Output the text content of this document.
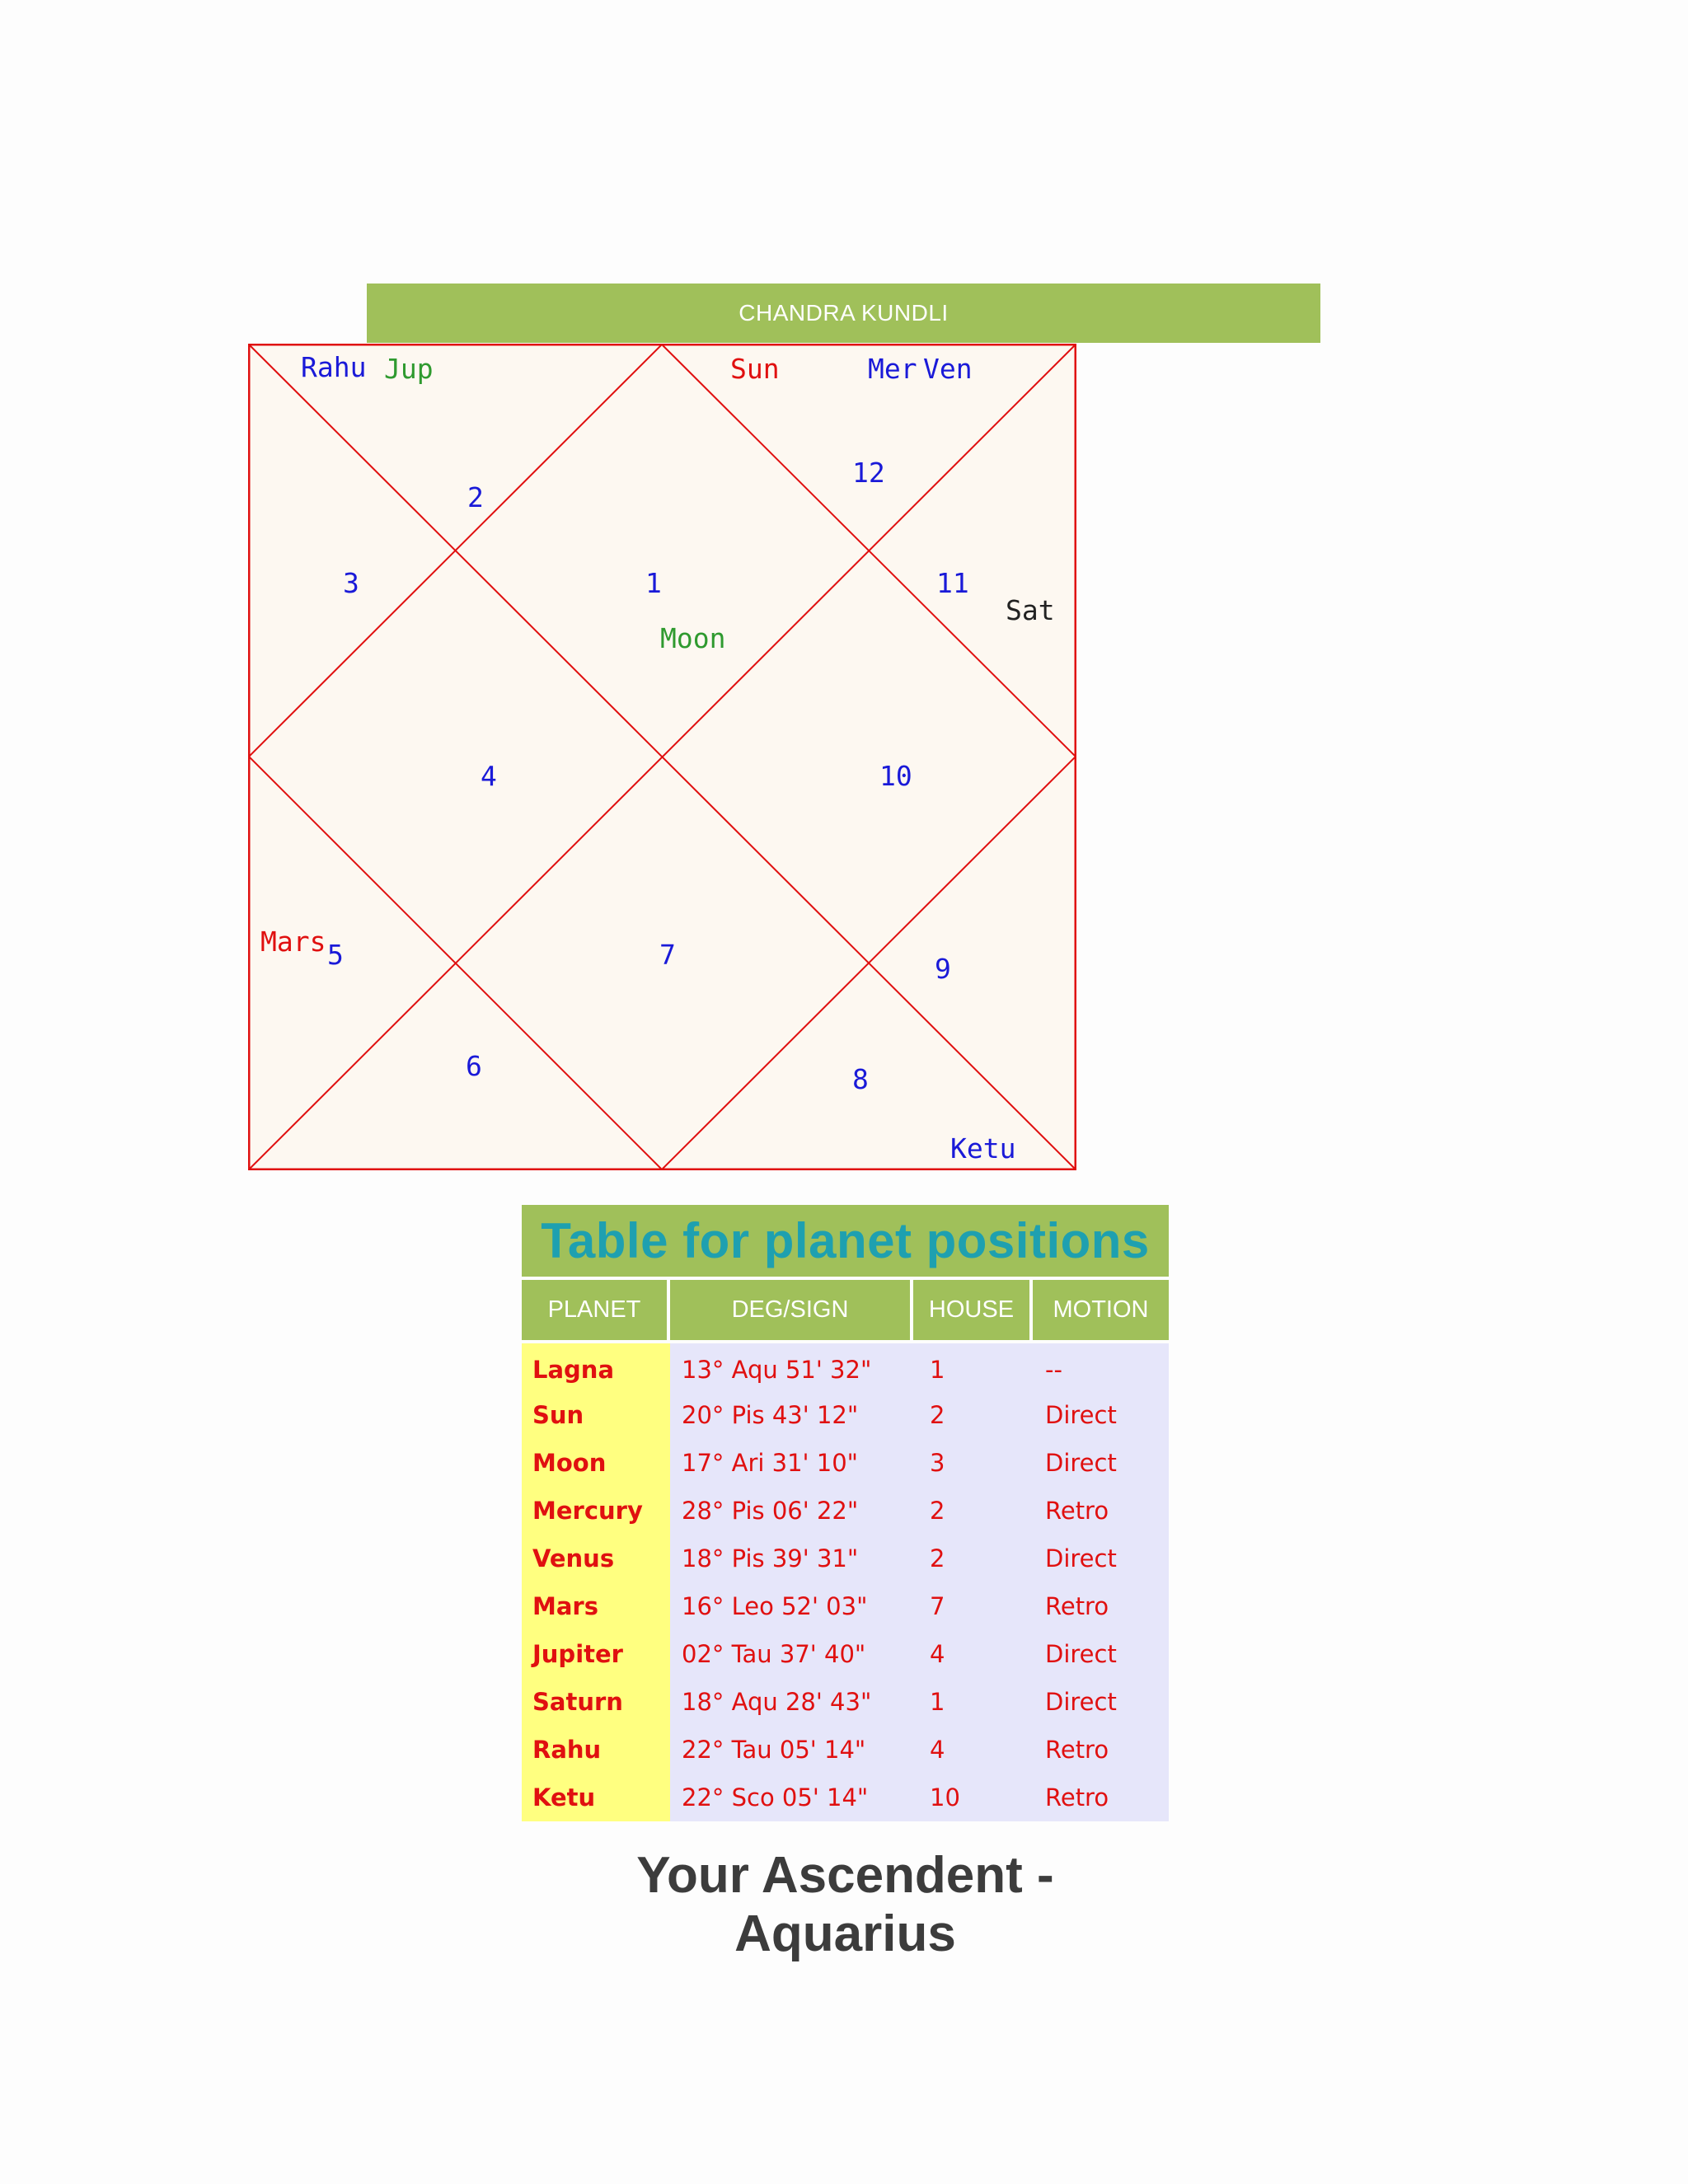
CHANDRA KUNDLI
1
2
3
4
5
6
7
8
9
10
11
12
Rahu Jup	Sun	Mer Ven
Sat
Moon
Mars
Ketu
Table for planet positions
PLANET	DEG/SIGN	HOUSE	MOTION
Lagna	13° Aqu 51' 32"	1	--
Sun	20° Pis 43' 12"	2	Direct
Moon	17° Ari 31' 10"	3	Direct
Mercury	28° Pis 06' 22"	2	Retro
Venus	18° Pis 39' 31"	2	Direct
Mars	16° Leo 52' 03"	7	Retro
Jupiter	02° Tau 37' 40"	4	Direct
Saturn	18° Aqu 28' 43"	1	Direct
Rahu	22° Tau 05' 14"	4	Retro
Ketu	22° Sco 05' 14"	10	Retro
Your Ascendent - Aquarius
